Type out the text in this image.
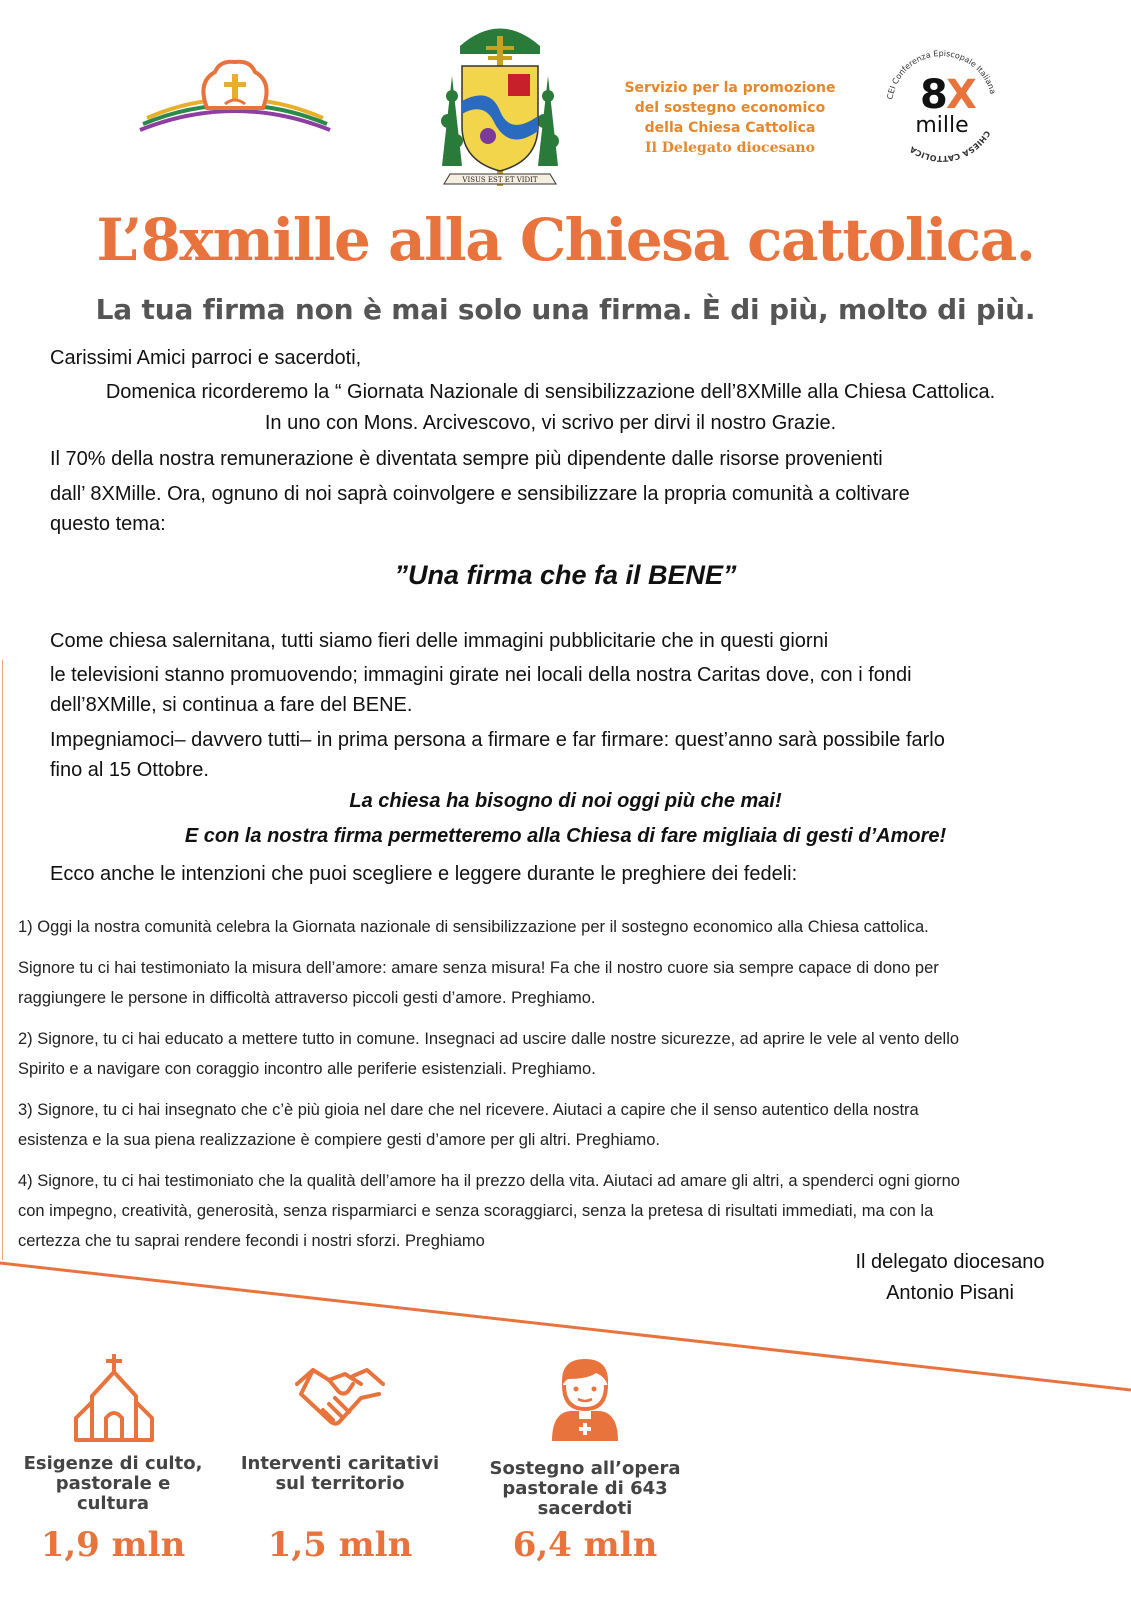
VISUS EST ET VIDIT
Servizio per la promozione
del sostegno economico
della Chiesa Cattolica
Il Delegato diocesano
CEI Conferenza Episcopale Italiana
CHIESA CATTOLICA
8
X
mille
L’8xmille alla Chiesa cattolica.
La tua firma non è mai solo una firma. È di più, molto di più.
Carissimi Amici parroci e sacerdoti,
Domenica ricorderemo la “ Giornata Nazionale di sensibilizzazione dell’8XMille alla Chiesa Cattolica.
In uno con Mons. Arcivescovo, vi scrivo per dirvi il nostro Grazie.
Il 70% della nostra remunerazione è diventata sempre più dipendente dalle risorse provenienti
dall’ 8XMille. Ora, ognuno di noi saprà coinvolgere e sensibilizzare la propria comunità a coltivare
questo tema:
”Una firma che fa il BENE”
Come chiesa salernitana, tutti siamo fieri delle immagini pubblicitarie che in questi giorni
le televisioni stanno promuovendo; immagini girate nei locali della nostra Caritas dove, con i fondi
dell’8XMille, si continua a fare del BENE.
Impegniamoci– davvero tutti– in prima persona a firmare e far firmare: quest’anno sarà possibile farlo
fino al 15 Ottobre.
La chiesa ha bisogno di noi oggi più che mai!
E con la nostra firma permetteremo alla Chiesa di fare migliaia di gesti d’Amore!
Ecco anche le intenzioni che puoi scegliere e leggere durante le preghiere dei fedeli:
1) Oggi la nostra comunità celebra la Giornata nazionale di sensibilizzazione per il sostegno economico alla Chiesa cattolica.
Signore tu ci hai testimoniato la misura dell’amore: amare senza misura! Fa che il nostro cuore sia sempre capace di dono per
raggiungere le persone in difficoltà attraverso piccoli gesti d’amore. Preghiamo.
2) Signore, tu ci hai educato a mettere tutto in comune. Insegnaci ad uscire dalle nostre sicurezze, ad aprire le vele al vento dello
Spirito e a navigare con coraggio incontro alle periferie esistenziali. Preghiamo.
3) Signore, tu ci hai insegnato che c’è più gioia nel dare che nel ricevere. Aiutaci a capire che il senso autentico della nostra
esistenza e la sua piena realizzazione è compiere gesti d’amore per gli altri. Preghiamo.
4) Signore, tu ci hai testimoniato che la qualità dell’amore ha il prezzo della vita. Aiutaci ad amare gli altri, a spenderci ogni giorno
con impegno, creatività, generosità, senza risparmiarci e senza scoraggiarci, senza la pretesa di risultati immediati, ma con la
certezza che tu saprai rendere fecondi i nostri sforzi. Preghiamo
Il delegato diocesano
Antonio Pisani
Esigenze di culto,
pastorale e
cultura
Interventi caritativi
sul territorio
Sostegno all’opera
pastorale di 643
sacerdoti
1,9 mln	1,5 mln	6,4 mln
